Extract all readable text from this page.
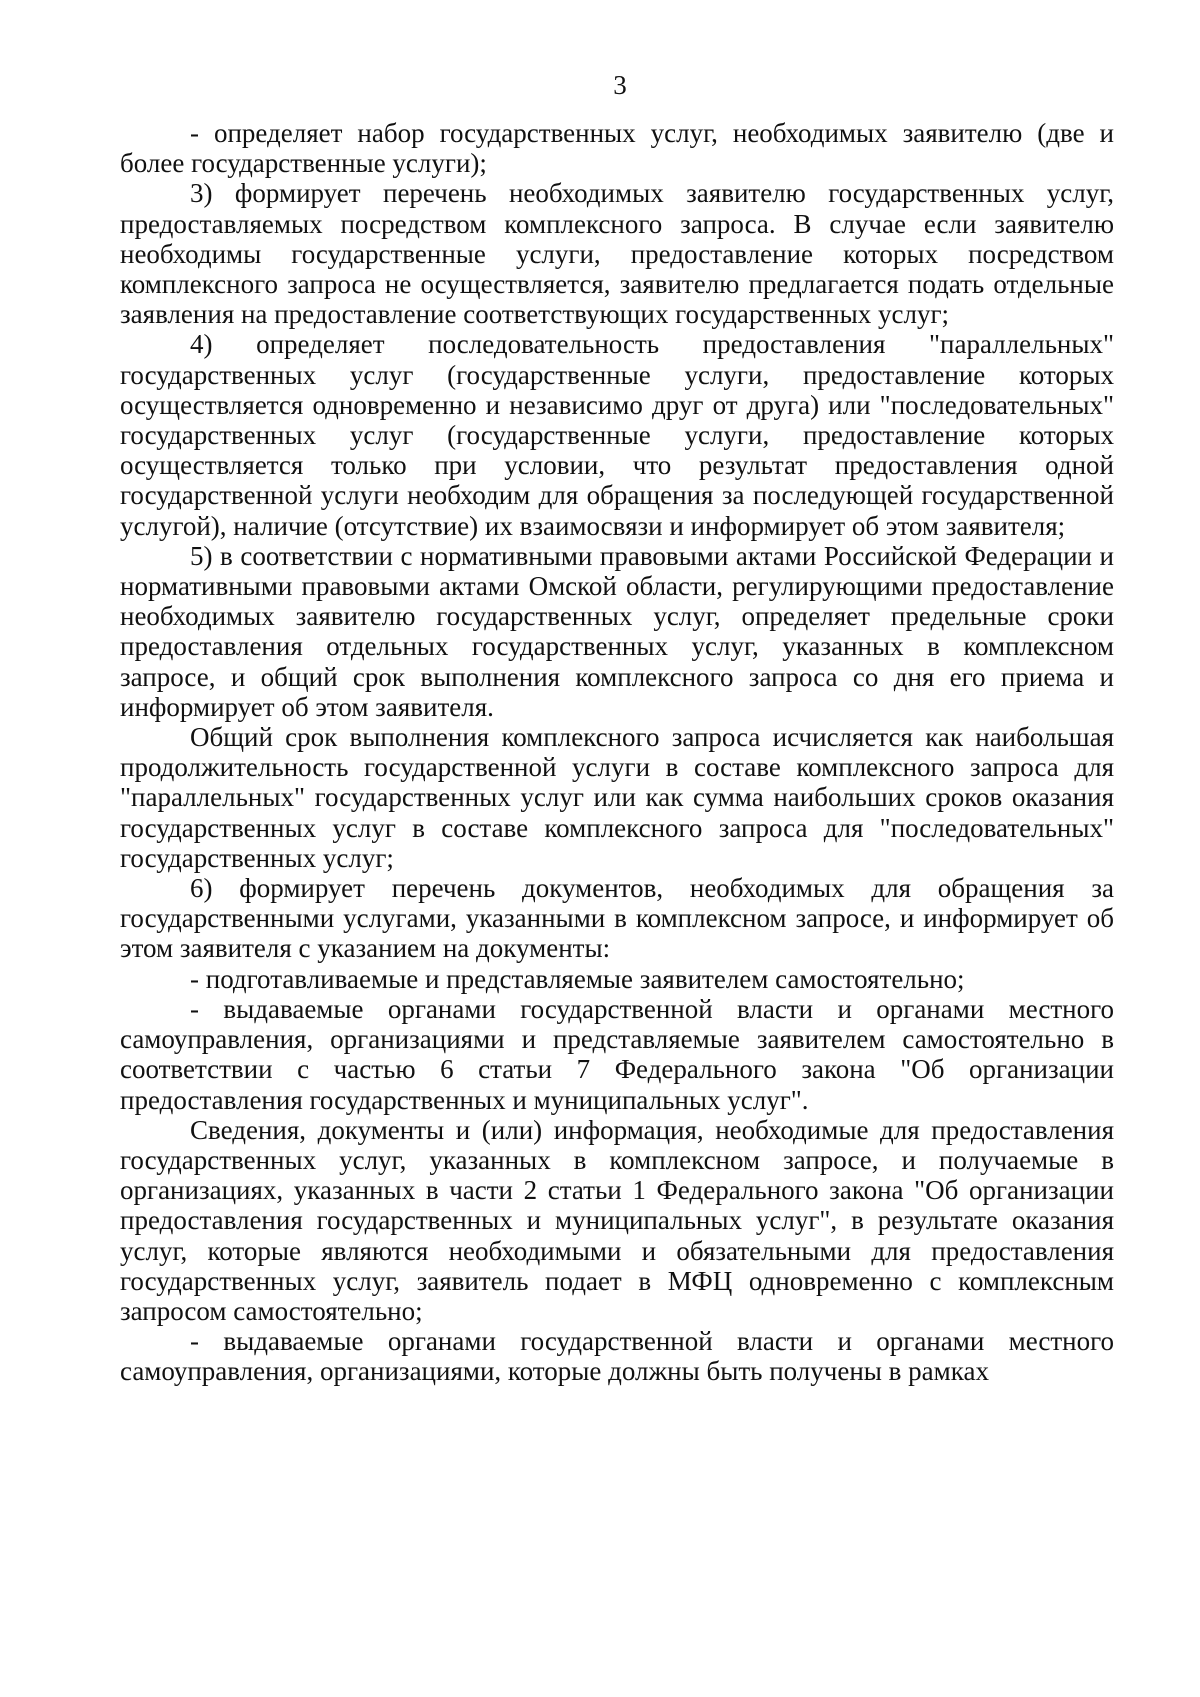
3

- определяет набор государственных услуг, необходимых заявителю (две и более государственные услуги);

3) формирует перечень необходимых заявителю государственных услуг, предоставляемых посредством комплексного запроса. В случае если заявителю необходимы государственные услуги, предоставление которых посредством комплексного запроса не осуществляется, заявителю предлагается подать отдельные заявления на предоставление соответствующих государственных услуг;

4) определяет последовательность предоставления "параллельных" государственных услуг (государственные услуги, предоставление которых осуществляется одновременно и независимо друг от друга) или "последовательных" государственных услуг (государственные услуги, предоставление которых осуществляется только при условии, что результат предоставления одной государственной услуги необходим для обращения за последующей государственной услугой), наличие (отсутствие) их взаимосвязи и информирует об этом заявителя;

5) в соответствии с нормативными правовыми актами Российской Федерации и нормативными правовыми актами Омской области, регулирующими предоставление необходимых заявителю государственных услуг, определяет предельные сроки предоставления отдельных государственных услуг, указанных в комплексном запросе, и общий срок выполнения комплексного запроса со дня его приема и информирует об этом заявителя.

Общий срок выполнения комплексного запроса исчисляется как наибольшая продолжительность государственной услуги в составе комплексного запроса для "параллельных" государственных услуг или как сумма наибольших сроков оказания государственных услуг в составе комплексного запроса для "последовательных" государственных услуг;

6) формирует перечень документов, необходимых для обращения за государственными услугами, указанными в комплексном запросе, и информирует об этом заявителя с указанием на документы:

- подготавливаемые и представляемые заявителем самостоятельно;

- выдаваемые органами государственной власти и органами местного самоуправления, организациями и представляемые заявителем самостоятельно в соответствии с частью 6 статьи 7 Федерального закона "Об организации предоставления государственных и муниципальных услуг".

Сведения, документы и (или) информация, необходимые для предоставления государственных услуг, указанных в комплексном запросе, и получаемые в организациях, указанных в части 2 статьи 1 Федерального закона "Об организации предоставления государственных и муниципальных услуг", в результате оказания услуг, которые являются необходимыми и обязательными для предоставления государственных услуг, заявитель подает в МФЦ одновременно с комплексным запросом самостоятельно;

- выдаваемые органами государственной власти и органами местного самоуправления, организациями, которые должны быть получены в рамках
